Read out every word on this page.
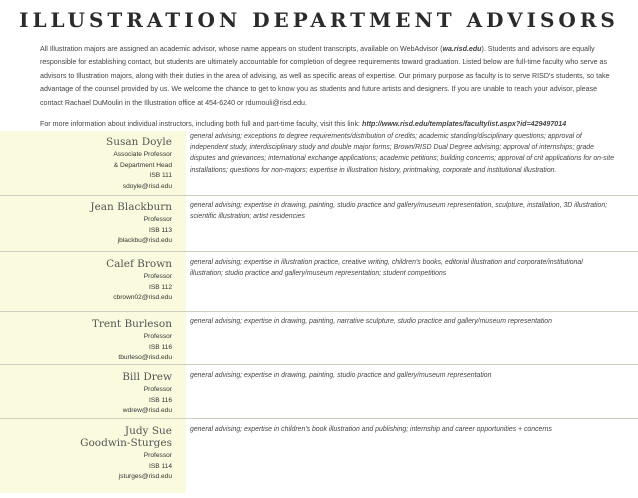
ILLUSTRATION DEPARTMENT ADVISORS

All Illustration majors are assigned an academic advisor, whose name appears on student transcripts, available on WebAdvisor (wa.risd.edu). Students and advisors are equally responsible for establishing contact, but students are ultimately accountable for completion of degree requirements toward graduation. Listed below are full-time faculty who serve as advisors to Illustration majors, along with their duties in the area of advising, as well as specific areas of expertise. Our primary purpose as faculty is to serve RISD's students, so take advantage of the counsel provided by us. We welcome the chance to get to know you as students and future artists and designers. If you are unable to reach your advisor, please contact Rachael DuMoulin in the Illustration office at 454-6240 or rdumouli@risd.edu.

For more information about individual instructors, including both full and part-time faculty, visit this link: http://www.risd.edu/templates/facultylist.aspx?id=429497014

Susan Doyle
Associate Professor
& Department Head
ISB 111
sdoyle@risd.edu
general advising; exceptions to degree requirements/distribution of credits; academic standing/disciplinary questions; approval of independent study, interdisciplinary study and double major forms; Brown/RISD Dual Degree advising; approval of internships; grade disputes and grievances; international exchange applications; academic petitions; building concerns; approval of crit applications for on-site installations; questions for non-majors; expertise in illustration history, printmaking, corporate and institutional illustration.
Jean Blackburn
Professor
ISB 113
jblackbu@risd.edu
general advising; expertise in drawing, painting, studio practice and gallery/museum representation, sculpture, installation, 3D illustration; scientific illustration; artist residencies
Calef Brown
Professor
ISB 112
cbrown02@risd.edu
general advising; expertise in illustration practice, creative writing, children's books, editorial illustration and corporate/institutional illustration; studio practice and gallery/museum representation; student competitions
Trent Burleson
Professor
ISB 116
tburleso@risd.edu
general advising; expertise in drawing, painting, narrative sculpture, studio practice and gallery/museum representation
Bill Drew
Professor
ISB 116
wdrew@risd.edu
general advising; expertise in drawing, painting, studio practice and gallery/museum representation
Judy Sue
Goodwin-Sturges
Professor
ISB 114
jsturges@risd.edu
general advising; expertise in children's book illustration and publishing; internship and career opportunities + concerns
